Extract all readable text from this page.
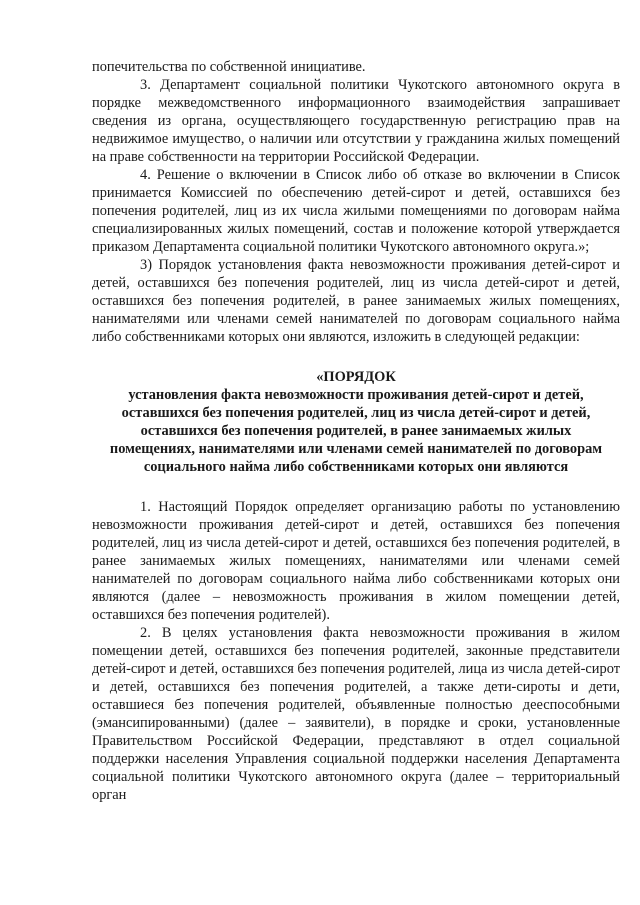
попечительства по собственной инициативе.

3. Департамент социальной политики Чукотского автономного округа в порядке межведомственного информационного взаимодействия запрашивает сведения из органа, осуществляющего государственную регистрацию прав на недвижимое имущество, о наличии или отсутствии у гражданина жилых помещений на праве собственности на территории Российской Федерации.

4. Решение о включении в Список либо об отказе во включении в Список принимается Комиссией по обеспечению детей-сирот и детей, оставшихся без попечения родителей, лиц из их числа жилыми помещениями по договорам найма специализированных жилых помещений, состав и положение которой утверждается приказом Департамента социальной политики Чукотского автономного округа.»;

3) Порядок установления факта невозможности проживания детей-сирот и детей, оставшихся без попечения родителей, лиц из числа детей-сирот и детей, оставшихся без попечения родителей, в ранее занимаемых жилых помещениях, нанимателями или членами семей нанимателей по договорам социального найма либо собственниками которых они являются, изложить в следующей редакции:

«ПОРЯДОК

установления факта невозможности проживания детей-сирот и детей, оставшихся без попечения родителей, лиц из числа детей-сирот и детей, оставшихся без попечения родителей, в ранее занимаемых жилых помещениях, нанимателями или членами семей нанимателей по договорам социального найма либо собственниками которых они являются

1. Настоящий Порядок определяет организацию работы по установлению невозможности проживания детей-сирот и детей, оставшихся без попечения родителей, лиц из числа детей-сирот и детей, оставшихся без попечения родителей, в ранее занимаемых жилых помещениях, нанимателями или членами семей нанимателей по договорам социального найма либо собственниками которых они являются (далее – невозможность проживания в жилом помещении детей, оставшихся без попечения родителей).

2. В целях установления факта невозможности проживания в жилом помещении детей, оставшихся без попечения родителей, законные представители детей-сирот и детей, оставшихся без попечения родителей, лица из числа детей-сирот и детей, оставшихся без попечения родителей, а также дети-сироты и дети, оставшиеся без попечения родителей, объявленные полностью дееспособными (эмансипированными) (далее – заявители), в порядке и сроки, установленные Правительством Российской Федерации, представляют в отдел социальной поддержки населения Управления социальной поддержки населения Департамента социальной политики Чукотского автономного округа (далее – территориальный орган
